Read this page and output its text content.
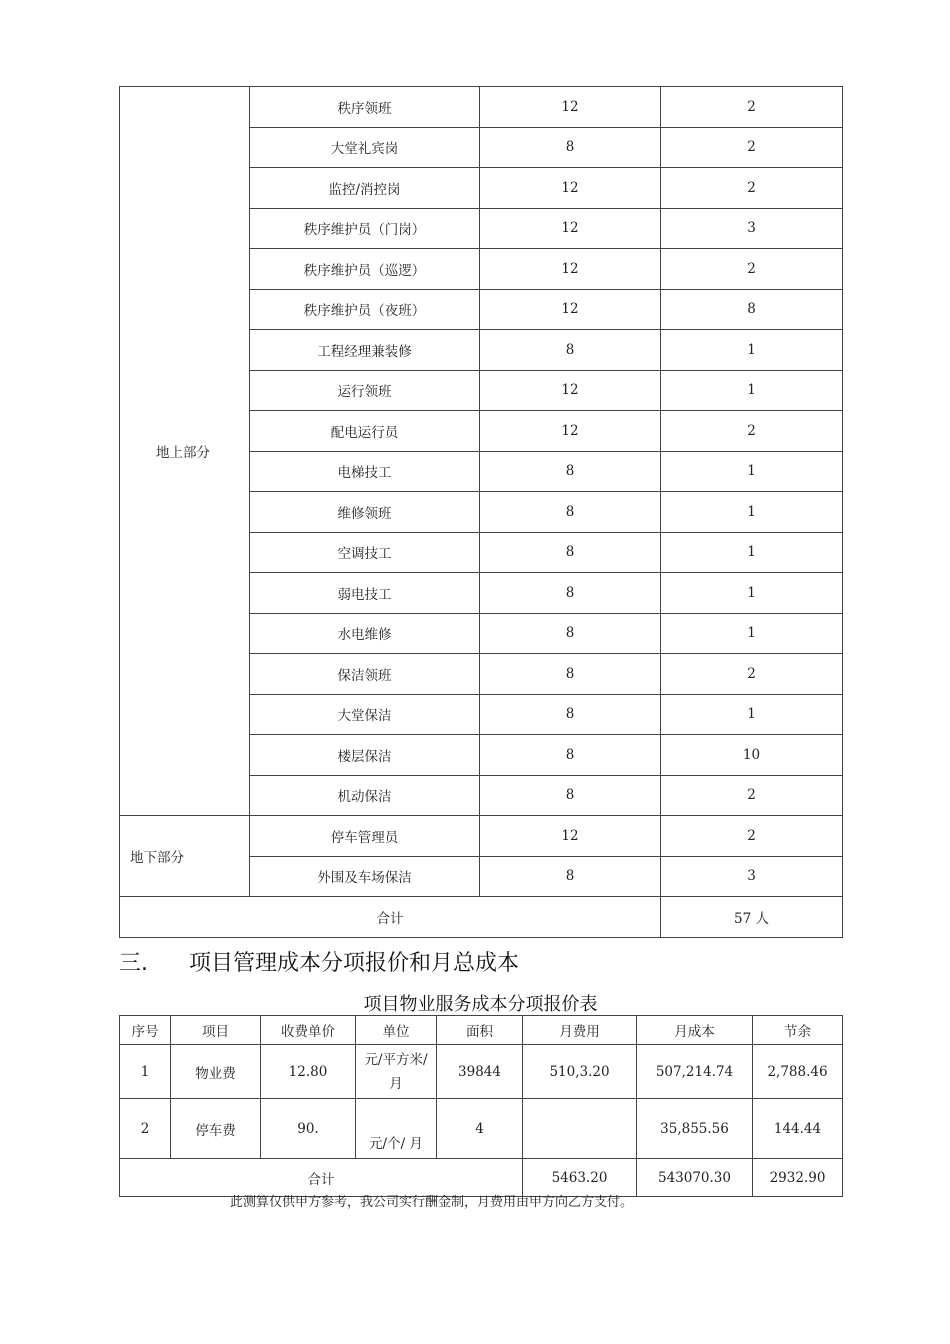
地上部分	秩序领班	12	2
	大堂礼宾岗	8	2
	监控/消控岗	12	2
	秩序维护员（门岗）	12	3
	秩序维护员（巡逻）	12	2
	秩序维护员（夜班）	12	8
	工程经理兼装修	8	1
	运行领班	12	1
	配电运行员	12	2
	电梯技工	8	1
	维修领班	8	1
	空调技工	8	1
	弱电技工	8	1
	水电维修	8	1
	保洁领班	8	2
	大堂保洁	8	1
	楼层保洁	8	10
	机动保洁	8	2
地下部分	停车管理员	12	2
	外围及车场保洁	8	3
合计			57 人
三. 项目管理成本分项报价和月总成本
项目物业服务成本分项报价表
序号	项目	收费单价	单位	面积	月费用	月成本	节余
1	物业费	12.80	元/平方米/月	39844	510,3.20	507,214.74	2,788.46
2	停车费	90.	元/个/ 月	4		35,855.56	144.44
合计					5463.20	543070.30	2932.90
此测算仅供甲方参考，我公司实行酬金制，月费用由甲方向乙方支付。
